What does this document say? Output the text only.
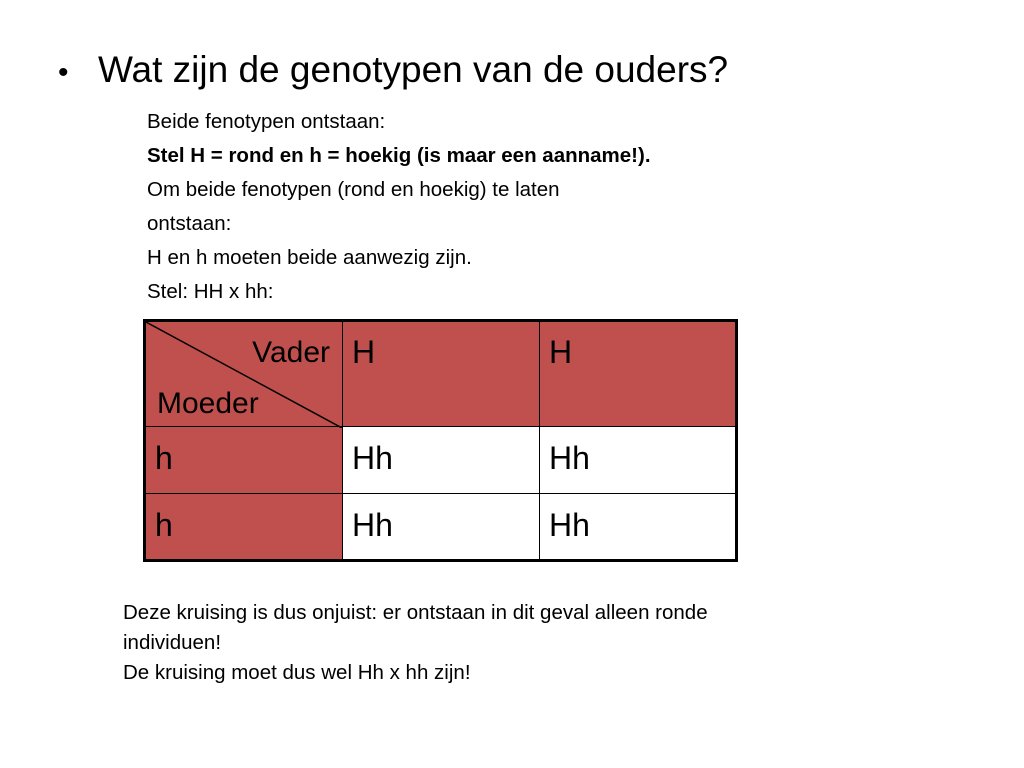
• Wat zijn de genotypen van de ouders?
Beide fenotypen ontstaan:
Stel H = rond en h = hoekig (is maar een aanname!).
Om beide fenotypen (rond en hoekig) te laten
ontstaan:
H en h moeten beide aanwezig zijn.
Stel: HH x hh:
Vader
Moeder	H	H
h	Hh	Hh
h	Hh	Hh
Deze kruising is dus onjuist: er ontstaan in dit geval alleen ronde
individuen!
De kruising moet dus wel Hh x hh zijn!
